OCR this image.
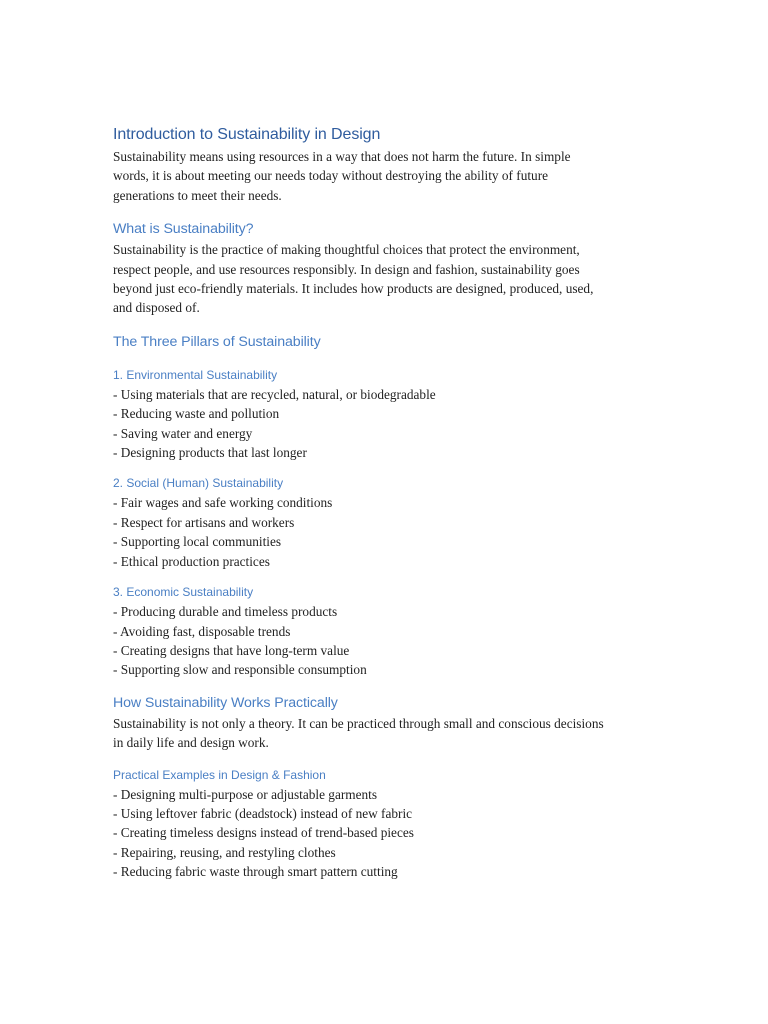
Introduction to Sustainability in Design

Sustainability means using resources in a way that does not harm the future. In simple
words, it is about meeting our needs today without destroying the ability of future
generations to meet their needs.

What is Sustainability?

Sustainability is the practice of making thoughtful choices that protect the environment,
respect people, and use resources responsibly. In design and fashion, sustainability goes
beyond just eco-friendly materials. It includes how products are designed, produced, used,
and disposed of.

The Three Pillars of Sustainability
1. Environmental Sustainability
- Using materials that are recycled, natural, or biodegradable
- Reducing waste and pollution
- Saving water and energy
- Designing products that last longer
2. Social (Human) Sustainability
- Fair wages and safe working conditions
- Respect for artisans and workers
- Supporting local communities
- Ethical production practices
3. Economic Sustainability
- Producing durable and timeless products
- Avoiding fast, disposable trends
- Creating designs that have long-term value
- Supporting slow and responsible consumption
How Sustainability Works Practically

Sustainability is not only a theory. It can be practiced through small and conscious decisions
in daily life and design work.

Practical Examples in Design & Fashion
- Designing multi-purpose or adjustable garments
- Using leftover fabric (deadstock) instead of new fabric
- Creating timeless designs instead of trend-based pieces
- Repairing, reusing, and restyling clothes
- Reducing fabric waste through smart pattern cutting
